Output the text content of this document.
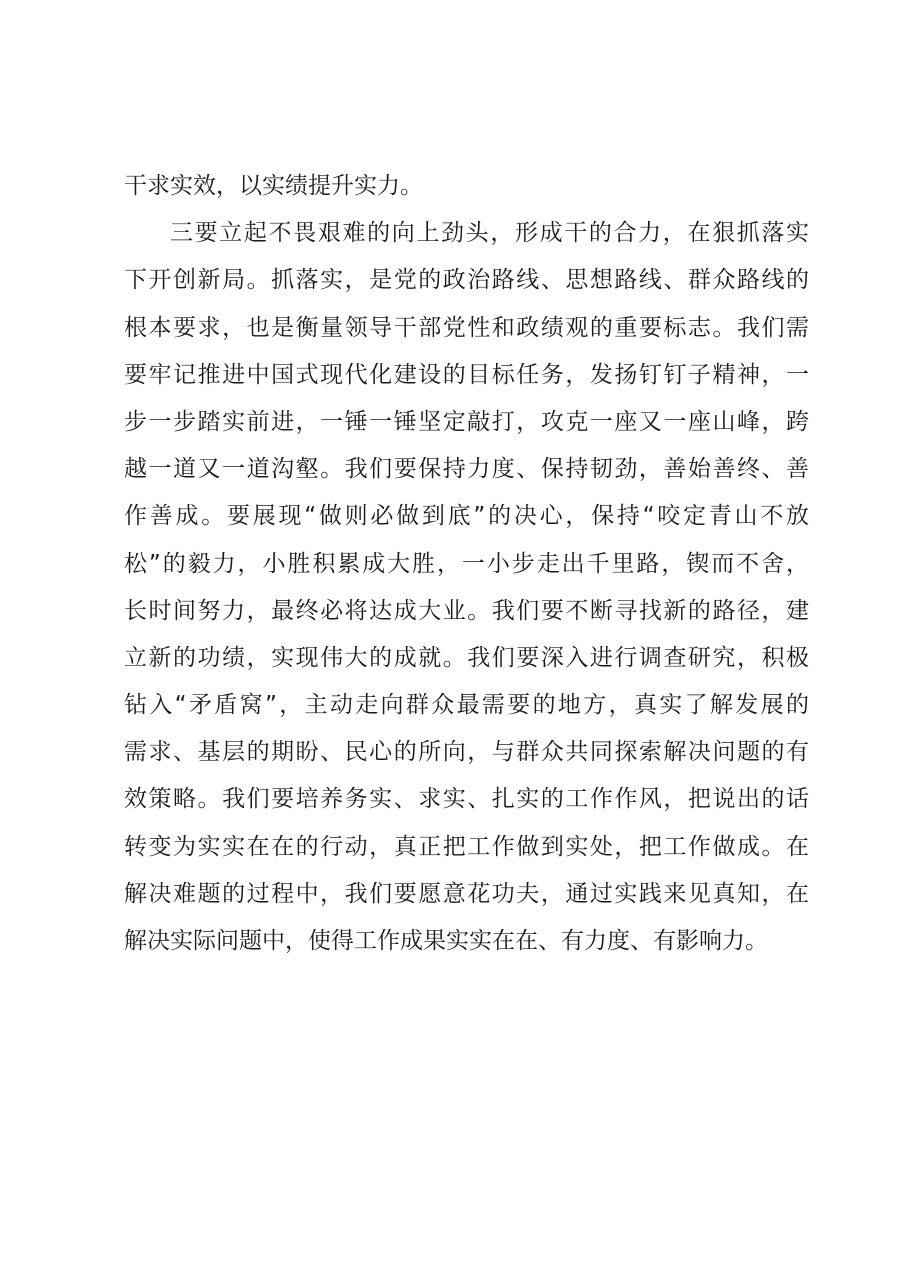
干求实效，以实绩提升实力。
三要立起不畏艰难的向上劲头，形成干的合力，在狠抓落实
下开创新局。抓落实，是党的政治路线、思想路线、群众路线的
根本要求，也是衡量领导干部党性和政绩观的重要标志。我们需
要牢记推进中国式现代化建设的目标任务，发扬钉钉子精神，一
步一步踏实前进，一锤一锤坚定敲打，攻克一座又一座山峰，跨
越一道又一道沟壑。我们要保持力度、保持韧劲，善始善终、善
作善成。要展现“做则必做到底”的决心，保持“咬定青山不放
松”的毅力，小胜积累成大胜，一小步走出千里路，锲而不舍，
长时间努力，最终必将达成大业。我们要不断寻找新的路径，建
立新的功绩，实现伟大的成就。我们要深入进行调查研究，积极
钻入“矛盾窝”，主动走向群众最需要的地方，真实了解发展的
需求、基层的期盼、民心的所向，与群众共同探索解决问题的有
效策略。我们要培养务实、求实、扎实的工作作风，把说出的话
转变为实实在在的行动，真正把工作做到实处，把工作做成。在
解决难题的过程中，我们要愿意花功夫，通过实践来见真知，在
解决实际问题中，使得工作成果实实在在、有力度、有影响力。
